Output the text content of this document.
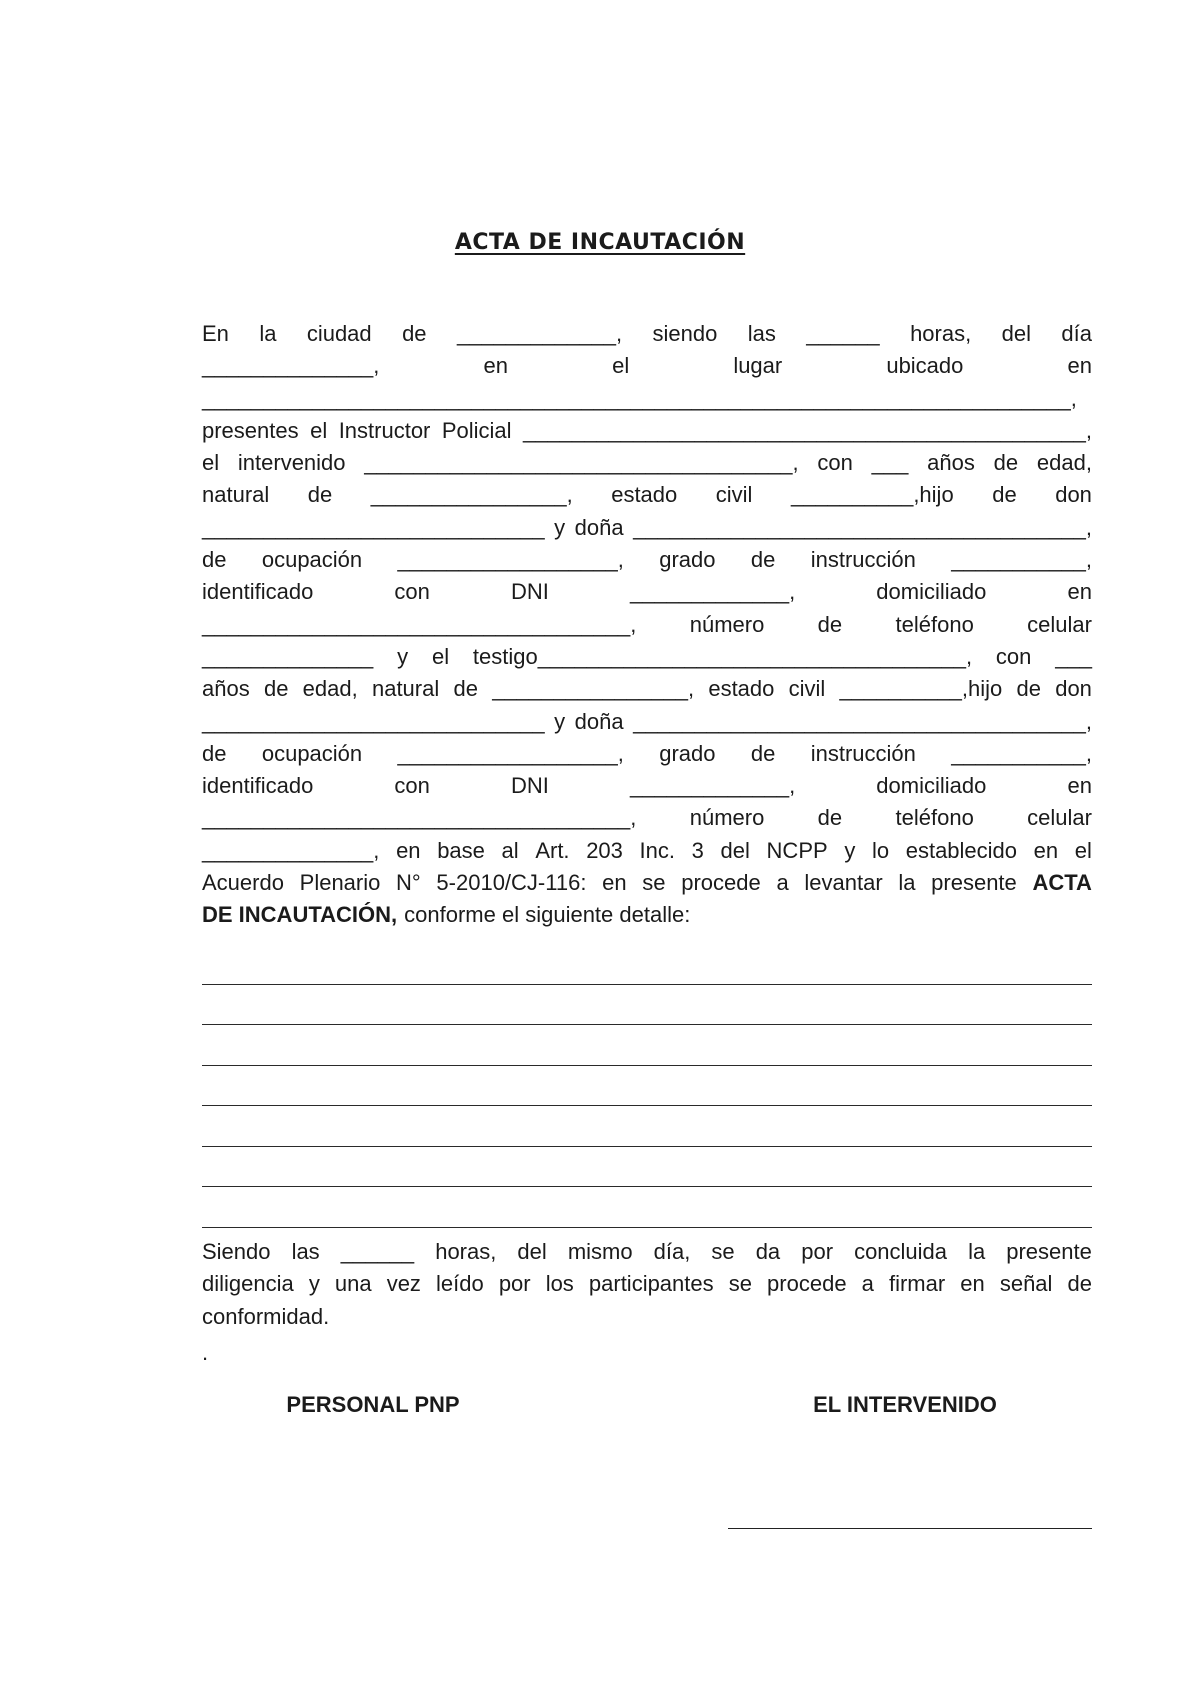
ACTA DE INCAUTACIÓN
En la ciudad de _____________, siendo las ______ horas, del día
______________,	en	el	lugar	ubicado	en
_______________________________________________________________________,
presentes el Instructor Policial ______________________________________________,
el intervenido ___________________________________, con ___ años de edad,
natural de ________________, estado civil __________,hijo de don
____________________________ y doña _____________________________________,
de ocupación __________________, grado de instrucción ___________,
identificado	con	DNI	_____________,	domiciliado	en
___________________________________, número de teléfono celular
______________ y el testigo___________________________________, con ___
años de edad, natural de ________________, estado civil __________,hijo de don
____________________________ y doña _____________________________________,
de ocupación __________________, grado de instrucción ___________,
identificado	con	DNI	_____________,	domiciliado	en
___________________________________, número de teléfono celular
______________, en base al Art. 203 Inc. 3 del NCPP y lo establecido en el
Acuerdo Plenario N° 5-2010/CJ-116: en se procede a levantar la presente ACTA
DE INCAUTACIÓN, conforme el siguiente detalle:
Siendo las ______ horas, del mismo día, se da por concluida la presente
diligencia y una vez leído por los participantes se procede a firmar en señal de
conformidad.
.
PERSONAL PNP	EL INTERVENIDO
